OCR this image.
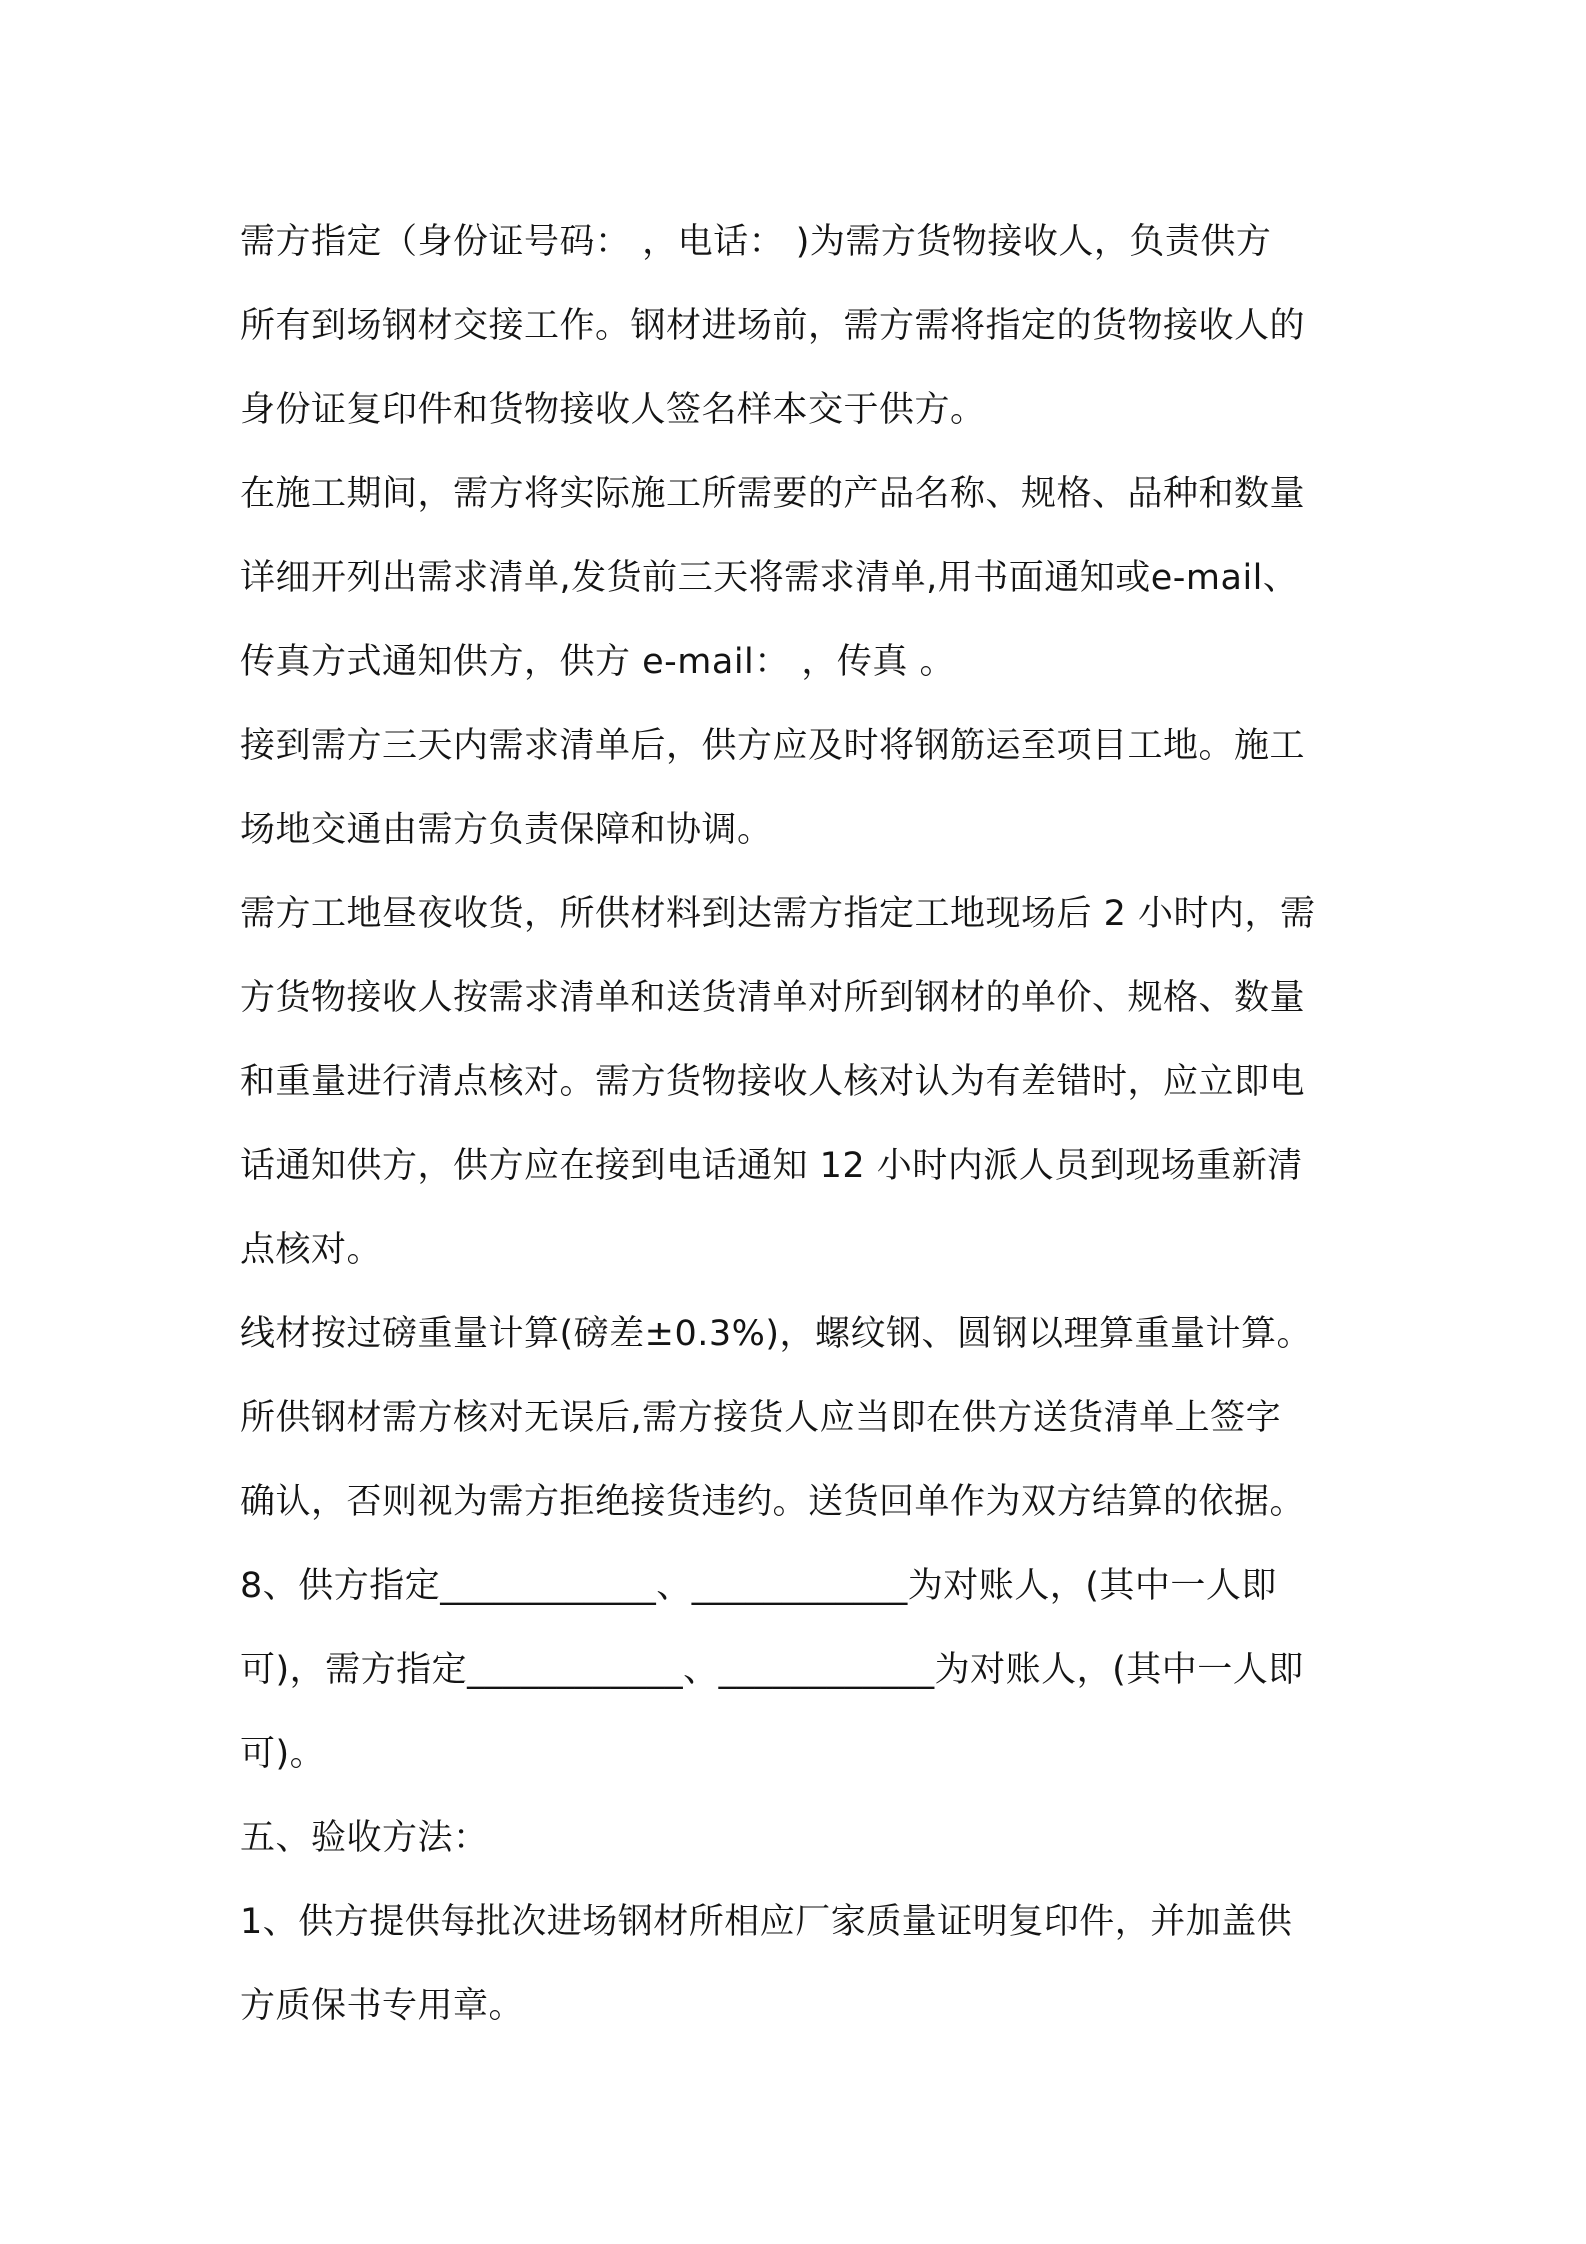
需方指定（身份证号码： ，电话： )为需方货物接收人，负责供方
所有到场钢材交接工作。钢材进场前，需方需将指定的货物接收人的
身份证复印件和货物接收人签名样本交于供方。
在施工期间，需方将实际施工所需要的产品名称、规格、品种和数量
详细开列出需求清单,发货前三天将需求清单,用书面通知或e-mail、
传真方式通知供方，供方 e-mail： ，传真 。
接到需方三天内需求清单后，供方应及时将钢筋运至项目工地。施工
场地交通由需方负责保障和协调。
需方工地昼夜收货，所供材料到达需方指定工地现场后 2 小时内，需
方货物接收人按需求清单和送货清单对所到钢材的单价、规格、数量
和重量进行清点核对。需方货物接收人核对认为有差错时，应立即电
话通知供方，供方应在接到电话通知 12 小时内派人员到现场重新清
点核对。
线材按过磅重量计算(磅差±0.3%)，螺纹钢、圆钢以理算重量计算。
所供钢材需方核对无误后,需方接货人应当即在供方送货清单上签字
确认，否则视为需方拒绝接货违约。送货回单作为双方结算的依据。
8、供方指定____________、____________为对账人，(其中一人即
可)，需方指定____________、____________为对账人，(其中一人即
可)。
五、验收方法：
1、供方提供每批次进场钢材所相应厂家质量证明复印件，并加盖供
方质保书专用章。
